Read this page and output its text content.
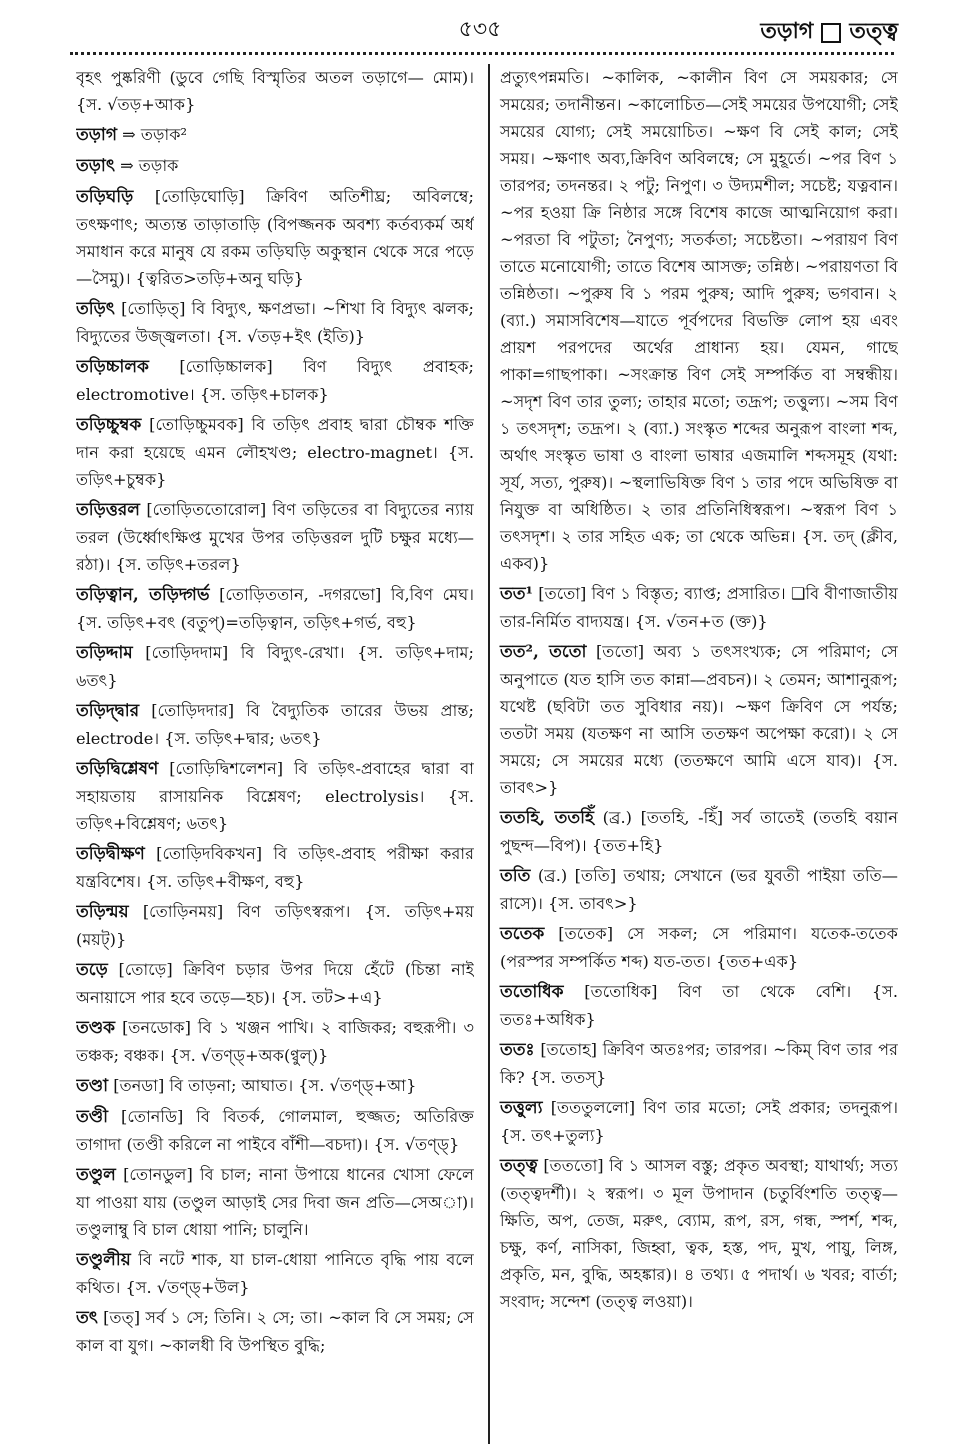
৫৩৫	তড়াগ তত্ত্ব

বৃহৎ পুষ্করিণী (ডুবে গেছি বিস্মৃতির অতল তড়াগে— মোম)। {স. √তড়+আক}

তড়াগ ⇒ তড়াক²

তড়াৎ ⇒ তড়াক

তড়িঘড়ি [তোড়িঘোড়ি] ক্রিবিণ অতিশীঘ্র; অবিলম্বে; তৎক্ষণাৎ; অত্যন্ত তাড়াতাড়ি (বিপজ্জনক অবশ্য কর্তব্যকর্ম অর্ধ সমাধান করে মানুষ যে রকম তড়িঘড়ি অকুস্থান থেকে সরে পড়ে—সৈমু)। {ত্বরিত>তড়ি+অনু ঘড়ি}

তড়িৎ [তোড়িত্] বি বিদ্যুৎ, ক্ষণপ্রভা। ~শিখা বি বিদ্যুৎ ঝলক; বিদ্যুতের উজ্জ্বলতা। {স. √তড়+ইৎ (ইতি)}

তড়িচ্চালক [তোড়িচ্চালক] বিণ বিদ্যুৎ প্রবাহক; electromotive। {স. তড়িৎ+চালক}

তড়িচ্চুম্বক [তোড়িচ্চুমবক] বি তড়িৎ প্রবাহ দ্বারা চৌম্বক শক্তি দান করা হয়েছে এমন লৌহখণ্ড; electro-magnet। {স. তড়িৎ+চুম্বক}

তড়িত্তরল [তোড়িততোরোল] বিণ তড়িতের বা বিদ্যুতের ন্যায় তরল (উর্ধ্বোৎক্ষিপ্ত মুখের উপর তড়িত্তরল দুটি চক্ষুর মধ্যে— রঠা)। {স. তড়িৎ+তরল}

তড়িত্বান, তড়িদ্গর্ভ [তোড়িততান, -দগরভো] বি,বিণ মেঘ। {স. তড়িৎ+বৎ (বতুপ্)=তড়িত্বান, তড়িৎ+গর্ভ, বহু}

তড়িদ্দাম [তোড়িদদাম] বি বিদ্যুৎ-রেখা। {স. তড়িৎ+দাম; ৬তৎ}

তড়িদ্দ্বার [তোড়িদদার] বি বৈদ্যুতিক তারের উভয় প্রান্ত; electrode। {স. তড়িৎ+দ্বার; ৬তৎ}

তড়িদ্বিশ্লেষণ [তোড়িদ্বিশলেশন] বি তড়িৎ-প্রবাহের দ্বারা বা সহায়তায় রাসায়নিক বিশ্লেষণ; electrolysis। {স. তড়িৎ+বিশ্লেষণ; ৬তৎ}

তড়িদ্বীক্ষণ [তোড়িদবিকখন] বি তড়িৎ-প্রবাহ পরীক্ষা করার যন্ত্রবিশেষ। {স. তড়িৎ+বীক্ষণ, বহু}

তড়িন্ময় [তোড়িনময়] বিণ তড়িৎস্বরূপ। {স. তড়িৎ+ময় (ময়ট্)}

তড়ে [তোড়ে] ক্রিবিণ চড়ার উপর দিয়ে হেঁটে (চিন্তা নাই অনায়াসে পার হবে তড়ে—হচ)। {স. তট>+এ}

তণ্ডক [তনডোক] বি ১ খঞ্জন পাখি। ২ বাজিকর; বহুরূপী। ৩ তঞ্চক; বঞ্চক। {স. √তণ্ড্+অক(ণ্বুল্)}

তণ্ডা [তনডা] বি তাড়না; আঘাত। {স. √তণ্ড্+আ}

তণ্ডী [তোনডি] বি বিতর্ক, গোলমাল, হুজ্জত; অতিরিক্ত তাগাদা (তণ্ডী করিলে না পাইবে বাঁশী—বচদা)। {স. √তণ্ড্}

তণ্ডুল [তোনডুল] বি চাল; নানা উপায়ে ধানের খোসা ফেলে যা পাওয়া যায় (তণ্ডুল আড়াই সের দিবা জন প্রতি—সেঅা)। তণ্ডুলাম্বু বি চাল ধোয়া পানি; চালুনি।

তণ্ডুলীয় বি নটে শাক, যা চাল-ধোয়া পানিতে বৃদ্ধি পায় বলে কথিত। {স. √তণ্ড্+উল}

তৎ [তত্] সর্ব ১ সে; তিনি। ২ সে; তা। ~কাল বি সে সময়; সে কাল বা যুগ। ~কালধী বি উপস্থিত বুদ্ধি;

প্রত্যুৎপন্নমতি। ~কালিক, ~কালীন বিণ সে সময়কার; সে সময়ের; তদানীন্তন। ~কালোচিত—সেই সময়ের উপযোগী; সেই সময়ের যোগ্য; সেই সময়োচিত। ~ক্ষণ বি সেই কাল; সেই সময়। ~ক্ষণাৎ অব্য,ক্রিবিণ অবিলম্বে; সে মুহূর্তে। ~পর বিণ ১ তারপর; তদনন্তর। ২ পটু; নিপুণ। ৩ উদ্যমশীল; সচেষ্ট; যত্নবান। ~পর হওয়া ক্রি নিষ্ঠার সঙ্গে বিশেষ কাজে আত্মনিয়োগ করা। ~পরতা বি পটুতা; নৈপুণ্য; সতর্কতা; সচেষ্টতা। ~পরায়ণ বিণ তাতে মনোযোগী; তাতে বিশেষ আসক্ত; তন্নিষ্ঠ। ~পরায়ণতা বি তন্নিষ্ঠতা। ~পুরুষ বি ১ পরম পুরুষ; আদি পুরুষ; ভগবান। ২ (ব্যা.) সমাসবিশেষ—যাতে পূর্বপদের বিভক্তি লোপ হয় এবং প্রায়শ পরপদের অর্থের প্রাধান্য হয়। যেমন, গাছে পাকা=গাছপাকা। ~সংক্রান্ত বিণ সেই সম্পর্কিত বা সম্বন্ধীয়। ~সদৃশ বিণ তার তুল্য; তাহার মতো; তদ্রূপ; তত্তুল্য। ~সম বিণ ১ তৎসদৃশ; তদ্রূপ। ২ (ব্যা.) সংস্কৃত শব্দের অনুরূপ বাংলা শব্দ, অর্থাৎ সংস্কৃত ভাষা ও বাংলা ভাষার এজমালি শব্দসমূহ (যথা: সূর্য, সত্য, পুরুষ)। ~স্থলাভিষিক্ত বিণ ১ তার পদে অভিষিক্ত বা নিযুক্ত বা অধিষ্ঠিত। ২ তার প্রতিনিধিস্বরূপ। ~স্বরূপ বিণ ১ তৎসদৃশ। ২ তার সহিত এক; তা থেকে অভিন্ন। {স. তদ্ (ক্লীব, একব)}

তত¹ [ততো] বিণ ১ বিস্তৃত; ব্যাপ্ত; প্রসারিত। ❑বি বীণাজাতীয় তার-নির্মিত বাদ্যযন্ত্র। {স. √তন+ত (ক্ত)}

তত², ততো [ততো] অব্য ১ তৎসংখ্যক; সে পরিমাণ; সে অনুপাতে (যত হাসি তত কান্না—প্রবচন)। ২ তেমন; আশানুরূপ; যথেষ্ট (ছবিটা তত সুবিধার নয়)। ~ক্ষণ ক্রিবিণ সে পর্যন্ত; ততটা সময় (যতক্ষণ না আসি ততক্ষণ অপেক্ষা করো)। ২ সে সময়ে; সে সময়ের মধ্যে (ততক্ষণে আমি এসে যাব)। {স. তাবৎ>}

ততহি, ততহিঁ (ব্র.) [ততহি, -হিঁ] সর্ব তাতেই (ততহি বয়ান পুছন্দ—বিপ)। {তত+হি}

ততি (ব্র.) [ততি] তথায়; সেখানে (ভর যুবতী পাইয়া ততি—রাসে)। {স. তাবৎ>}

ততেক [ততেক] সে সকল; সে পরিমাণ। যতেক-ততেক (পরস্পর সম্পর্কিত শব্দ) যত-তত। {তত+এক}

ততোধিক [ততোধিক] বিণ তা থেকে বেশি। {স. ততঃ+অধিক}

ততঃ [ততোহ] ক্রিবিণ অতঃপর; তারপর। ~কিম্ বিণ তার পর কি? {স. ততস্}

তত্তুল্য [তততুললো] বিণ তার মতো; সেই প্রকার; তদনুরূপ। {স. তৎ+তুল্য}

তত্ত্ব [তততো] বি ১ আসল বস্তু; প্রকৃত অবস্থা; যাথার্থ্য; সত্য (তত্ত্বদর্শী)। ২ স্বরূপ। ৩ মূল উপাদান (চতুর্বিংশতি তত্ত্ব—ক্ষিতি, অপ, তেজ, মরুৎ, ব্যোম, রূপ, রস, গন্ধ, স্পর্শ, শব্দ, চক্ষু, কর্ণ, নাসিকা, জিহ্বা, ত্বক, হস্ত, পদ, মুখ, পায়ু, লিঙ্গ, প্রকৃতি, মন, বুদ্ধি, অহঙ্কার)। ৪ তথ্য। ৫ পদার্থ। ৬ খবর; বার্তা; সংবাদ; সন্দেশ (তত্ত্ব লওয়া)।
